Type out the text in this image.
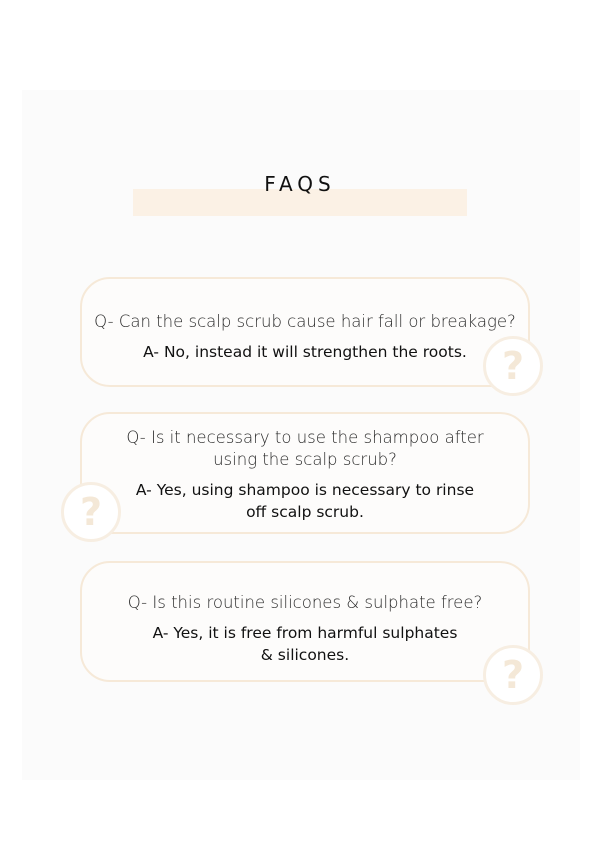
FAQS
Q- Can the scalp scrub cause hair fall or breakage?
A- No, instead it will strengthen the roots.
Q- Is it necessary to use the shampoo after
using the scalp scrub?
A- Yes, using shampoo is necessary to rinse
off scalp scrub.
Q- Is this routine silicones & sulphate free?
A- Yes, it is free from harmful sulphates
& silicones.
?
?
?
